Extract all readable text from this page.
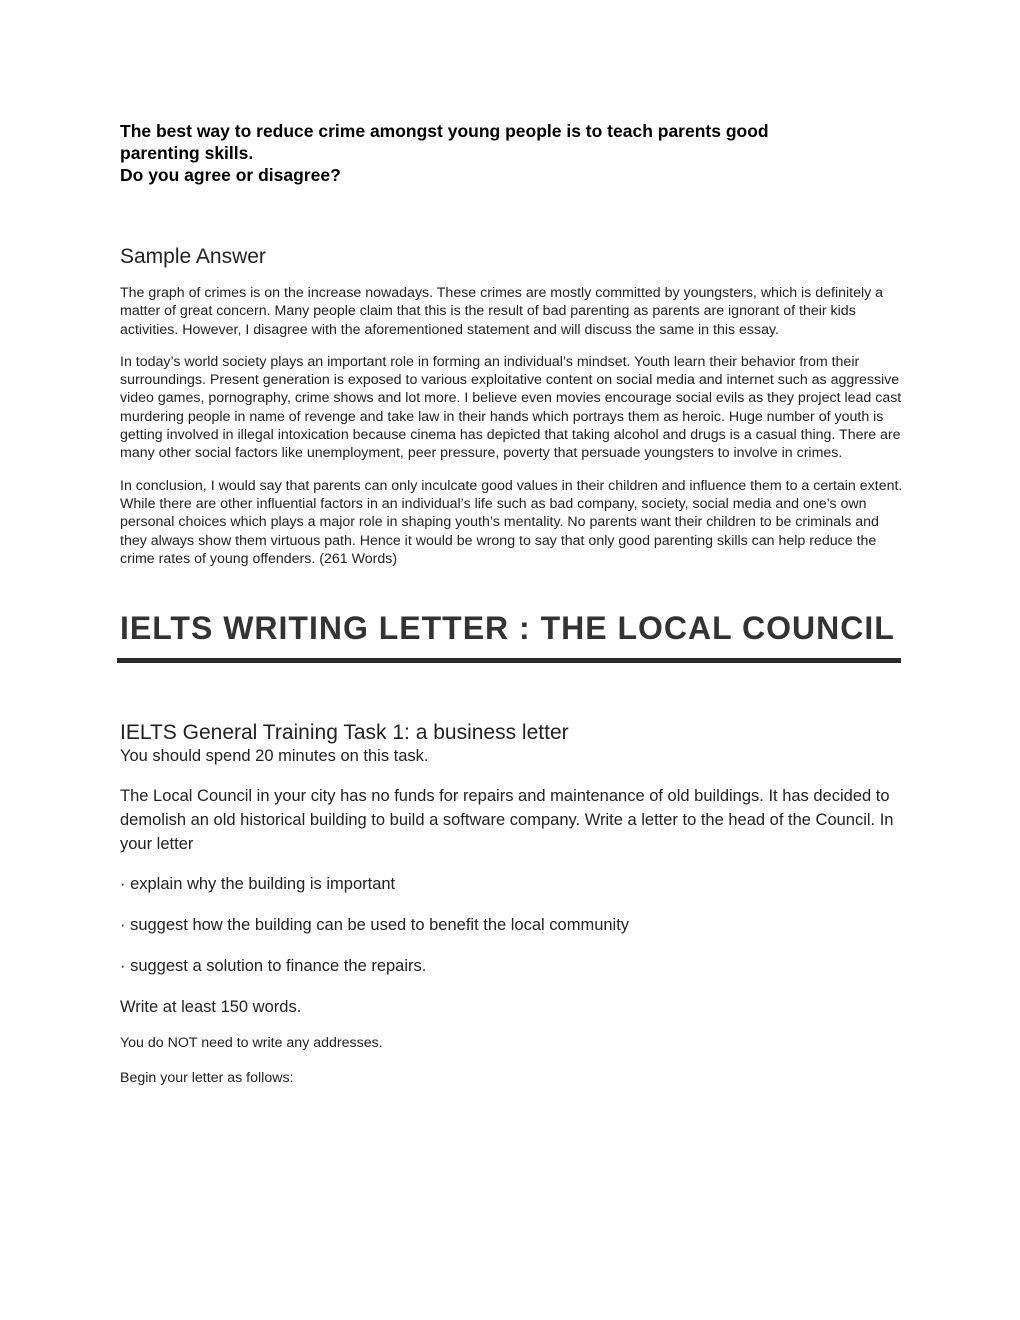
The best way to reduce crime amongst young people is to teach parents good
parenting skills.
Do you agree or disagree?
Sample Answer

The graph of crimes is on the increase nowadays. These crimes are mostly committed by youngsters, which is definitely a matter of great concern. Many people claim that this is the result of bad parenting as parents are ignorant of their kids activities. However, I disagree with the aforementioned statement and will discuss the same in this essay.

In today’s world society plays an important role in forming an individual’s mindset. Youth learn their behavior from their surroundings. Present generation is exposed to various exploitative content on social media and internet such as aggressive video games, pornography, crime shows and lot more. I believe even movies encourage social evils as they project lead cast murdering people in name of revenge and take law in their hands which portrays them as heroic. Huge number of youth is getting involved in illegal intoxication because cinema has depicted that taking alcohol and drugs is a casual thing. There are many other social factors like unemployment, peer pressure, poverty that persuade youngsters to involve in crimes.

In conclusion, I would say that parents can only inculcate good values in their children and influence them to a certain extent. While there are other influential factors in an individual’s life such as bad company, society, social media and one’s own personal choices which plays a major role in shaping youth’s mentality. No parents want their children to be criminals and they always show them virtuous path. Hence it would be wrong to say that only good parenting skills can help reduce the crime rates of young offenders. (261 Words)

IELTS WRITING LETTER : THE LOCAL COUNCIL
IELTS General Training Task 1: a business letter

You should spend 20 minutes on this task.

The Local Council in your city has no funds for repairs and maintenance of old buildings. It has decided to demolish an old historical building to build a software company. Write a letter to the head of the Council. In your letter

· explain why the building is important

· suggest how the building can be used to benefit the local community

· suggest a solution to finance the repairs.

Write at least 150 words.

You do NOT need to write any addresses.

Begin your letter as follows:
